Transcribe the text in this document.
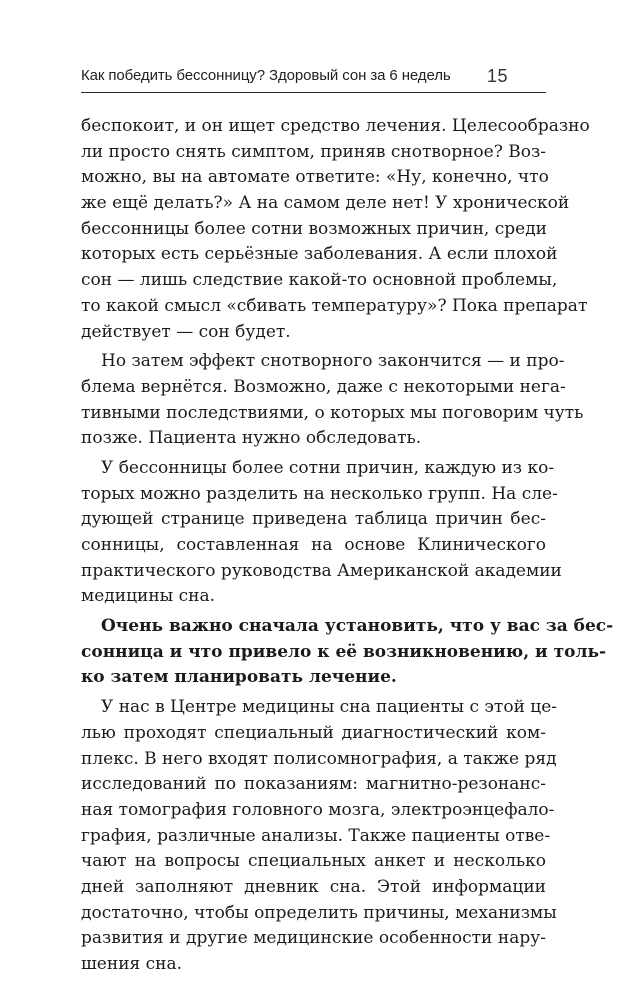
Как победить бессонницу? Здоровый сон за 6 недель 15
беспокоит, и он ищет средство лечения. Целесообразно
ли просто снять симптом, приняв снотворное? Воз-
можно, вы на автомате ответите: «Ну, конечно, что
же ещё делать?» А на самом деле нет! У хронической
бессонницы более сотни возможных причин, среди
которых есть серьёзные заболевания. А если плохой
сон — лишь следствие какой-то основной проблемы,
то какой смысл «сбивать температуру»? Пока препарат
действует — сон будет.
Но затем эффект снотворного закончится — и про-
блема вернётся. Возможно, даже с некоторыми нега-
тивными последствиями, о которых мы поговорим чуть
позже. Пациента нужно обследовать.
У бессонницы более сотни причин, каждую из ко-
торых можно разделить на несколько групп. На сле-
дующей странице приведена таблица причин бес-
сонницы, составленная на основе Клинического
практического руководства Американской академии
медицины сна.
Очень важно сначала установить, что у вас за бес-
сонница и что привело к её возникновению, и толь-
ко затем планировать лечение.
У нас в Центре медицины сна пациенты с этой це-
лью проходят специальный диагностический ком-
плекс. В него входят полисомнография, а также ряд
исследований по показаниям: магнитно-резонанс-
ная томография головного мозга, электроэнцефало-
графия, различные анализы. Также пациенты отве-
чают на вопросы специальных анкет и несколько
дней заполняют дневник сна. Этой информации
достаточно, чтобы определить причины, механизмы
развития и другие медицинские особенности нару-
шения сна.
